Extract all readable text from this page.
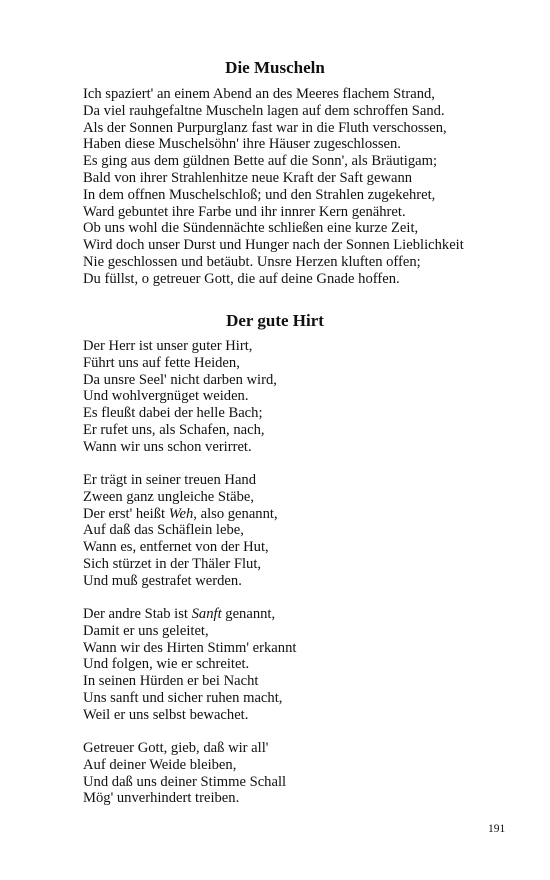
Die Muscheln
Ich spaziert' an einem Abend an des Meeres flachem Strand,
Da viel rauhgefaltne Muscheln lagen auf dem schroffen Sand.
Als der Sonnen Purpurglanz fast war in die Fluth verschossen,
Haben diese Muschelsöhn' ihre Häuser zugeschlossen.
Es ging aus dem güldnen Bette auf die Sonn', als Bräutigam;
Bald von ihrer Strahlenhitze neue Kraft der Saft gewann
In dem offnen Muschelschloß; und den Strahlen zugekehret,
Ward gebuntet ihre Farbe und ihr innrer Kern genähret.
Ob uns wohl die Sündennächte schließen eine kurze Zeit,
Wird doch unser Durst und Hunger nach der Sonnen Lieblichkeit
Nie geschlossen und betäubt. Unsre Herzen kluften offen;
Du füllst, o getreuer Gott, die auf deine Gnade hoffen.
Der gute Hirt
Der Herr ist unser guter Hirt,
Führt uns auf fette Heiden,
Da unsre Seel' nicht darben wird,
Und wohlvergnüget weiden.
Es fleußt dabei der helle Bach;
Er rufet uns, als Schafen, nach,
Wann wir uns schon verirret.
Er trägt in seiner treuen Hand
Zween ganz ungleiche Stäbe,
Der erst' heißt Weh, also genannt,
Auf daß das Schäflein lebe,
Wann es, entfernet von der Hut,
Sich stürzet in der Thäler Flut,
Und muß gestrafet werden.
Der andre Stab ist Sanft genannt,
Damit er uns geleitet,
Wann wir des Hirten Stimm' erkannt
Und folgen, wie er schreitet.
In seinen Hürden er bei Nacht
Uns sanft und sicher ruhen macht,
Weil er uns selbst bewachet.
Getreuer Gott, gieb, daß wir all'
Auf deiner Weide bleiben,
Und daß uns deiner Stimme Schall
Mög' unverhindert treiben.
191
